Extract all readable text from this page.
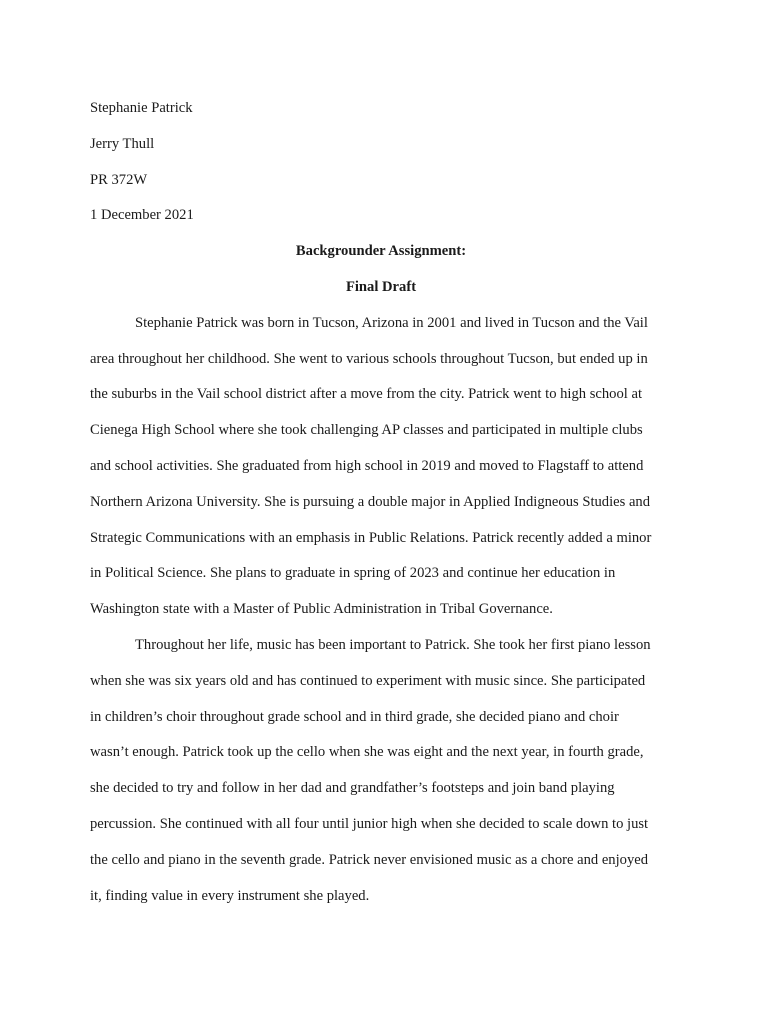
Stephanie Patrick
Jerry Thull
PR 372W
1 December 2021
Backgrounder Assignment:
Final Draft

Stephanie Patrick was born in Tucson, Arizona in 2001 and lived in Tucson and the Vail
area throughout her childhood. She went to various schools throughout Tucson, but ended up in
the suburbs in the Vail school district after a move from the city. Patrick went to high school at
Cienega High School where she took challenging AP classes and participated in multiple clubs
and school activities. She graduated from high school in 2019 and moved to Flagstaff to attend
Northern Arizona University. She is pursuing a double major in Applied Indigneous Studies and
Strategic Communications with an emphasis in Public Relations. Patrick recently added a minor
in Political Science. She plans to graduate in spring of 2023 and continue her education in
Washington state with a Master of Public Administration in Tribal Governance.

Throughout her life, music has been important to Patrick. She took her first piano lesson
when she was six years old and has continued to experiment with music since. She participated
in children’s choir throughout grade school and in third grade, she decided piano and choir
wasn’t enough. Patrick took up the cello when she was eight and the next year, in fourth grade,
she decided to try and follow in her dad and grandfather’s footsteps and join band playing
percussion. She continued with all four until junior high when she decided to scale down to just
the cello and piano in the seventh grade. Patrick never envisioned music as a chore and enjoyed
it, finding value in every instrument she played.
